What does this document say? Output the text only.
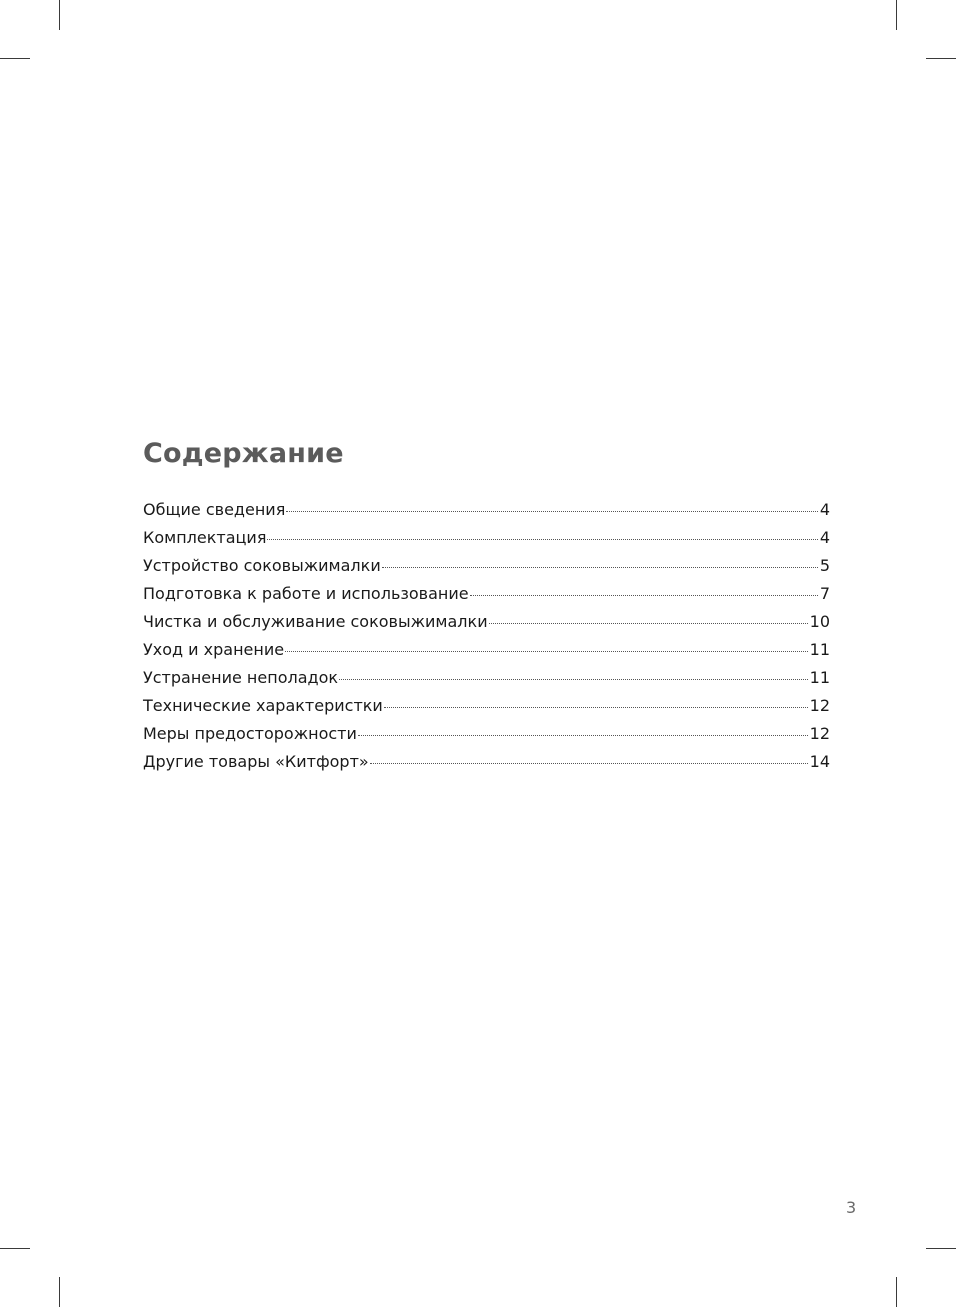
Содержание
Общие сведения	4
Комплектация	4
Устройство соковыжималки	5
Подготовка к работе и использование	7
Чистка и обслуживание соковыжималки	10
Уход и хранение	11
Устранение неполадок	11
Технические характеристки	12
Меры предосторожности	12
Другие товары «Китфорт»	14
3
